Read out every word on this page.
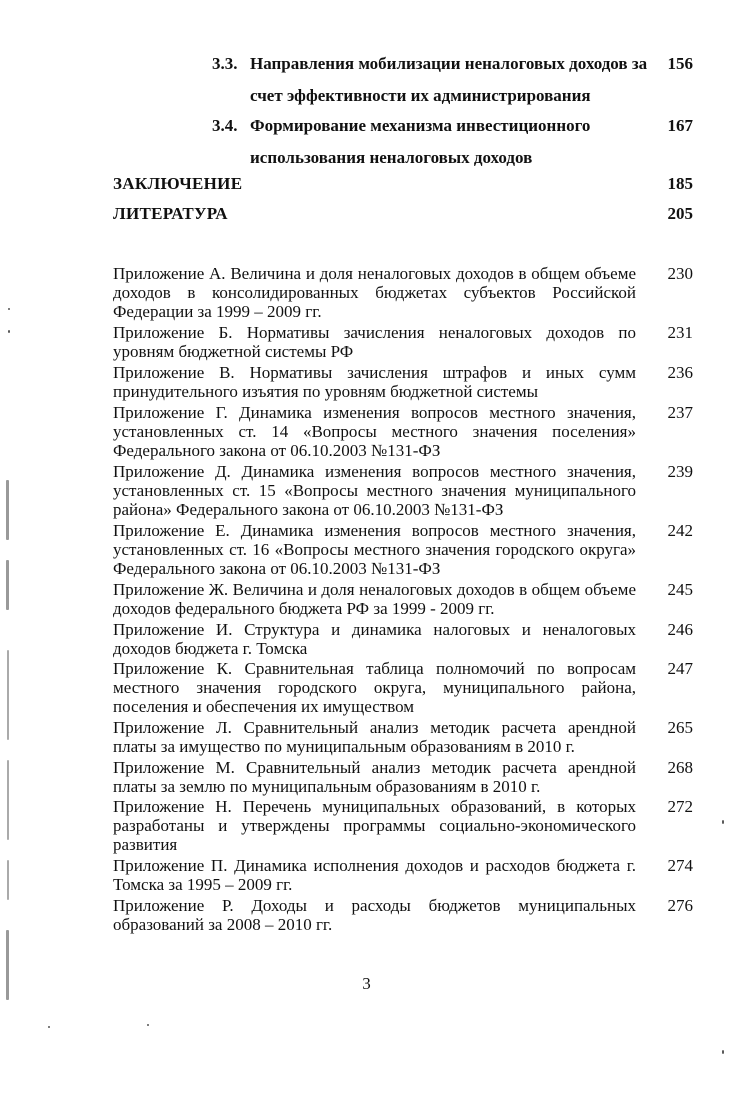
3.3. Направления мобилизации неналоговых доходов за счет эффективности их администрирования
156
3.4. Формирование механизма инвестиционного использования неналоговых доходов
167
ЗАКЛЮЧЕНИЕ	185
ЛИТЕРАТУРА	205
Приложение А. Величина и доля неналоговых доходов в общем объеме доходов в консолидированных бюджетах субъектов Российской Федерации за 1999 – 2009 гг.
230
Приложение Б. Нормативы зачисления неналоговых доходов по уровням бюджетной системы РФ
231
Приложение В. Нормативы зачисления штрафов и иных сумм принудительного изъятия по уровням бюджетной системы
236
Приложение Г. Динамика изменения вопросов местного значения, установленных ст. 14 «Вопросы местного значения поселения» Федерального закона от 06.10.2003 №131-ФЗ
237
Приложение Д. Динамика изменения вопросов местного значения, установленных ст. 15 «Вопросы местного значения муниципального района» Федерального закона от 06.10.2003 №131-ФЗ
239
Приложение Е. Динамика изменения вопросов местного значения, установленных ст. 16 «Вопросы местного значения городского округа» Федерального закона от 06.10.2003 №131-ФЗ
242
Приложение Ж. Величина и доля неналоговых доходов в общем объеме доходов федерального бюджета РФ за 1999 - 2009 гг.
245
Приложение И. Структура и динамика налоговых и неналоговых доходов бюджета г. Томска
246
Приложение К. Сравнительная таблица полномочий по вопросам местного значения городского округа, муниципального района, поселения и обеспечения их имуществом
247
Приложение Л. Сравнительный анализ методик расчета арендной платы за имущество по муниципальным образованиям в 2010 г.
265
Приложение М. Сравнительный анализ методик расчета арендной платы за землю по муниципальным образованиям в 2010 г.
268
Приложение Н. Перечень муниципальных образований, в которых разработаны и утверждены программы социально-экономического развития
272
Приложение П. Динамика исполнения доходов и расходов бюджета г. Томска за 1995 – 2009 гг.
274
Приложение Р. Доходы и расходы бюджетов муниципальных образований за 2008 – 2010 гг.
276
3
